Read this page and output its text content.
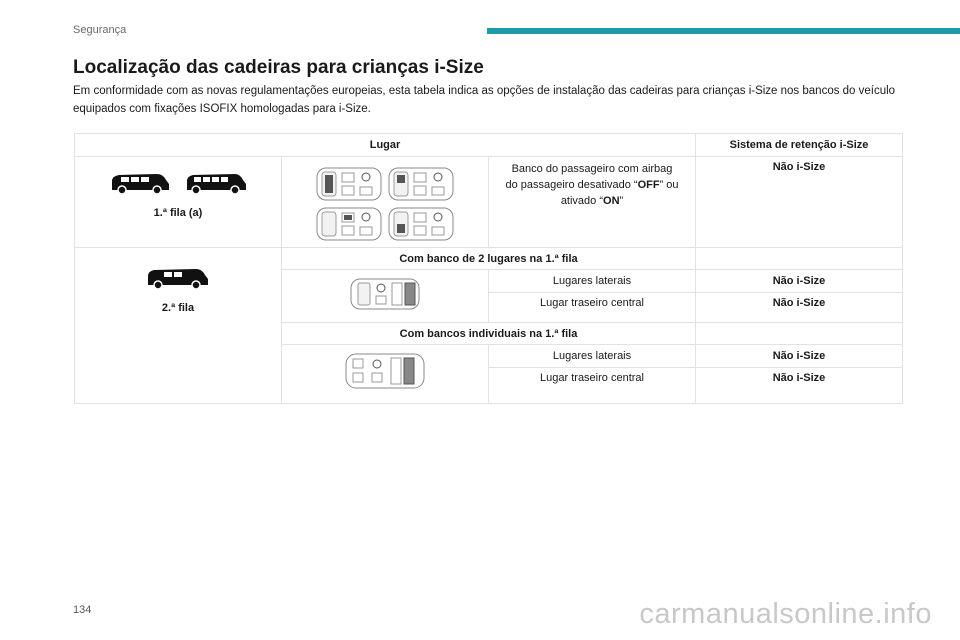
Segurança
Localização das cadeiras para crianças i-Size

Em conformidade com as novas regulamentações europeias, esta tabela indica as opções de instalação das cadeiras para crianças i-Size nos bancos do veículo equipados com fixações ISOFIX homologadas para i-Size.

Lugar			Sistema de retenção i-Size

1.ª fila (a)		Banco do passageiro com airbag
do passageiro desativado “OFF” ou
ativado “ON”	Não i-Size

2.ª fila	Com banco de 2 lugares na 1.ª fila		

	Lugares laterais	Não i-Size
		Lugar traseiro central	Não i-Size
	Com bancos individuais na 1.ª fila		

	Lugares laterais	Não i-Size
		Lugar traseiro central	Não i-Size
134	carmanualsonline.info
